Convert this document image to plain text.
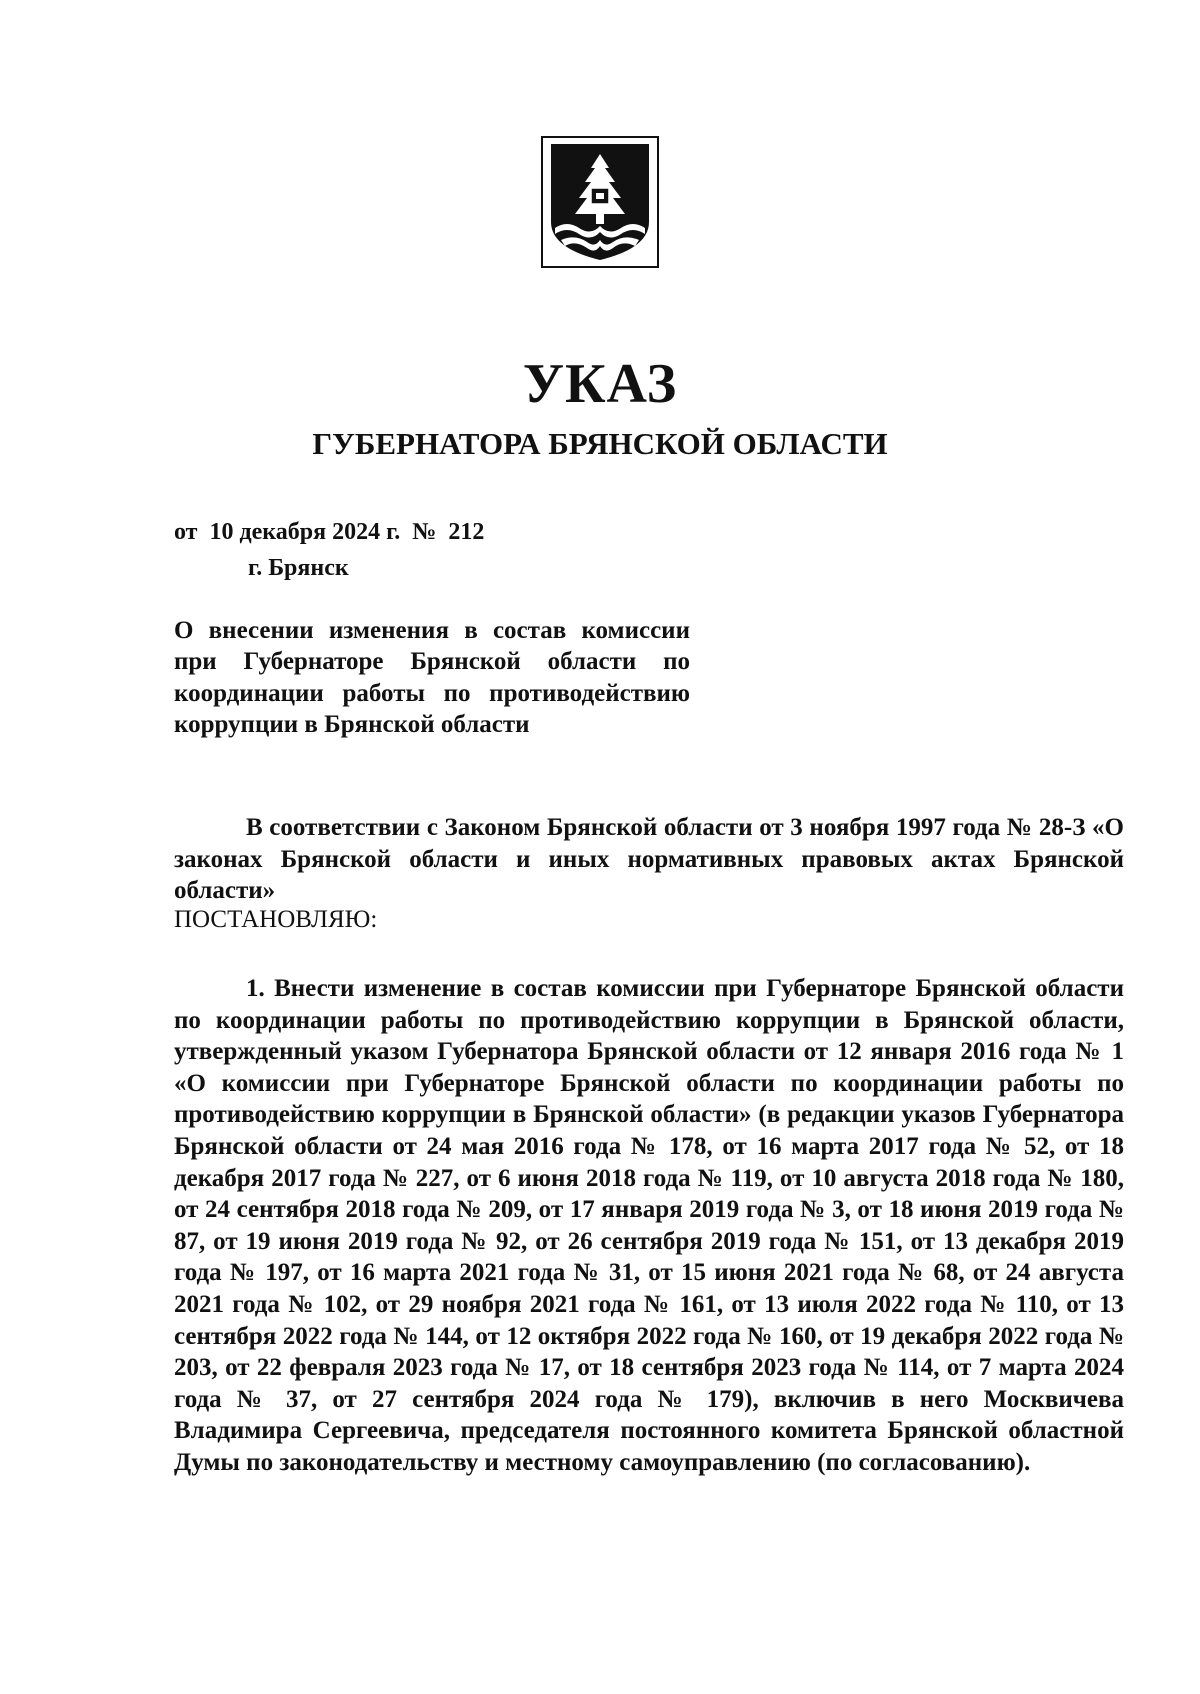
УКАЗ
ГУБЕРНАТОРА БРЯНСКОЙ ОБЛАСТИ
от 10 декабря 2024 г. № 212
г. Брянск

О внесении изменения в состав комиссии при Губернаторе Брянской области по координации работы по противодействию коррупции в Брянской области

В соответствии с Законом Брянской области от 3 ноября 1997 года № 28-З «О законах Брянской области и иных нормативных правовых актах Брянской области»

ПОСТАНОВЛЯЮ:

1. Внести изменение в состав комиссии при Губернаторе Брянской области по координации работы по противодействию коррупции в Брянской области, утвержденный указом Губернатора Брянской области от 12 января 2016 года № 1 «О комиссии при Губернаторе Брянской области по координации работы по противодействию коррупции в Брянской области» (в редакции указов Губернатора Брянской области от 24 мая 2016 года № 178, от 16 марта 2017 года № 52, от 18 декабря 2017 года № 227, от 6 июня 2018 года № 119, от 10 августа 2018 года № 180, от 24 сентября 2018 года № 209, от 17 января 2019 года № 3, от 18 июня 2019 года № 87, от 19 июня 2019 года № 92, от 26 сентября 2019 года № 151, от 13 декабря 2019 года № 197, от 16 марта 2021 года № 31, от 15 июня 2021 года № 68, от 24 августа 2021 года № 102, от 29 ноября 2021 года № 161, от 13 июля 2022 года № 110, от 13 сентября 2022 года № 144, от 12 октября 2022 года № 160, от 19 декабря 2022 года № 203, от 22 февраля 2023 года № 17, от 18 сентября 2023 года № 114, от 7 марта 2024 года № 37, от 27 сентября 2024 года № 179), включив в него Москвичева Владимира Сергеевича, председателя постоянного комитета Брянской областной Думы по законодательству и местному самоуправлению (по согласованию).
